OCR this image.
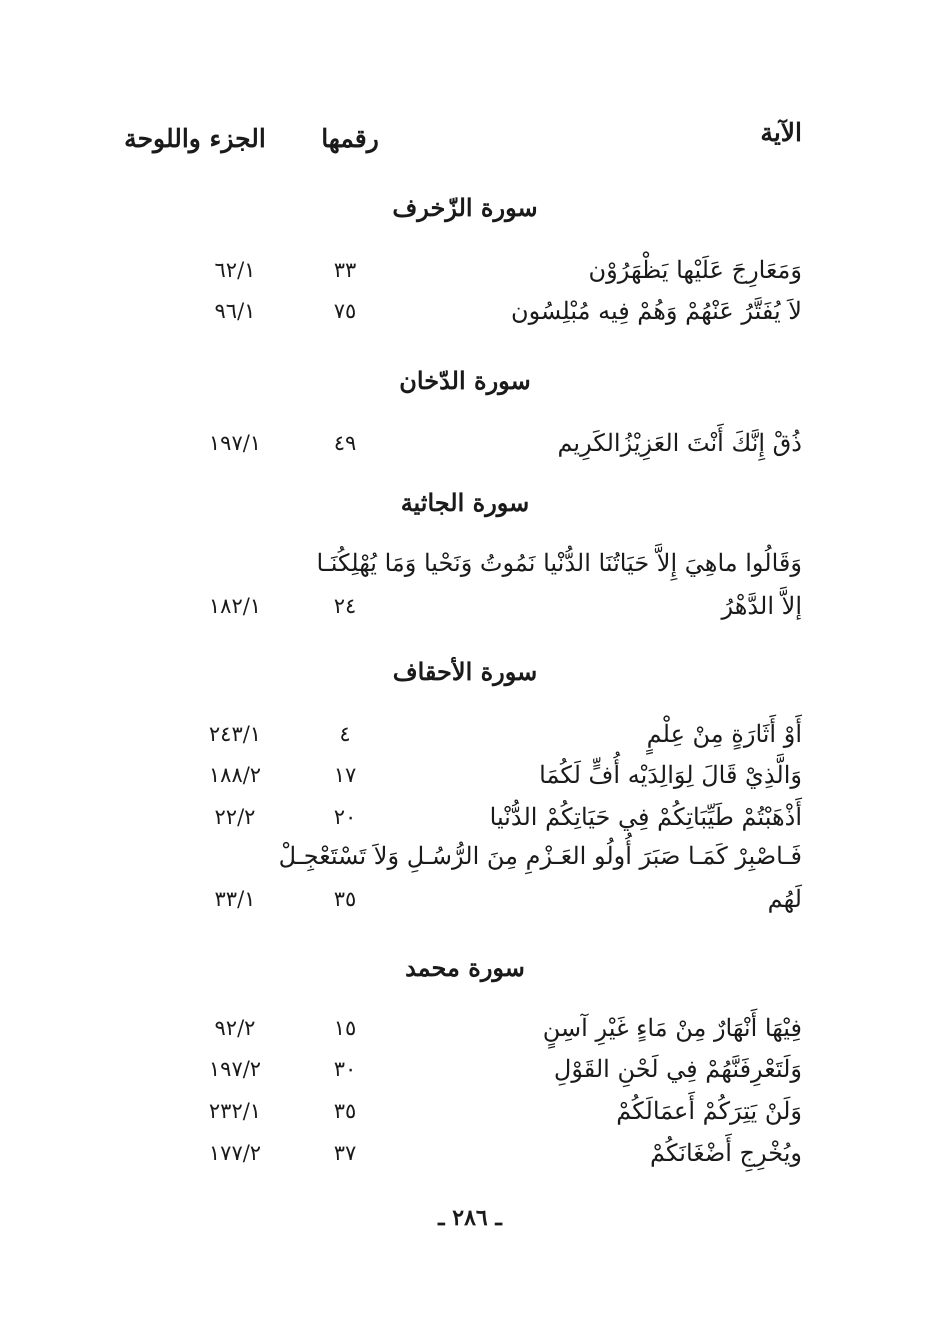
الآية
رقمها
الجزء واللوحة
سورة الزّخرف
وَمَعَارِجَ عَلَيْها يَظْهَرُوْن
٣٣
٦٢/١
لاَ يُفَتَّرُ عَنْهُمْ وَهُمْ فِيه مُبْلِسُون
٧٥
٩٦/١
سورة الدّخان
ذُقْ إِنَّكَ أَنْتَ العَزِيْزُالكَرِيم
٤٩
١٩٧/١
سورة الجاثية
وَقَالُوا ماهِيَ إِلاَّ حَيَاتُنَا الدُّنْيا نَمُوتُ وَنَحْيا وَمَا يُهْلِكُنَـا
إلاَّ الدَّهْرُ
٢٤
١٨٢/١
سورة الأحقاف
أَوْ أَثَارَةٍ مِنْ عِلْمٍ
٤
٢٤٣/١
وَالَّذِيْ قَالَ لِوَالِدَيْه أُفٍّ لَكُمَا
١٧
١٨٨/٢
أَذْهَبْتُمْ طَيِّبَاتِكُمْ فِي حَيَاتِكُمْ الدُّنْيا
٢٠
٢٢/٢
فَـاصْبِرْ كَمَـا صَبَرَ أُولُو العَـزْمِ مِنَ الرُّسُـلِ وَلاَ تَسْتَعْجِـلْ
لَهُم
٣٥
٣٣/١
سورة محمد
فِيْهَا أَنْهَارٌ مِنْ مَاءٍ غَيْرِ آسِنٍ
١٥
٩٢/٢
وَلَتَعْرِفَنَّهُمْ فِي لَحْنِ القَوْلِ
٣٠
١٩٧/٢
وَلَنْ يَتِرَكُمْ أَعمَالَكُمْ
٣٥
٢٣٢/١
ويُخْرِجِ أَضْغَانَكُمْ
٣٧
١٧٧/٢
ـ ٢٨٦ ـ
